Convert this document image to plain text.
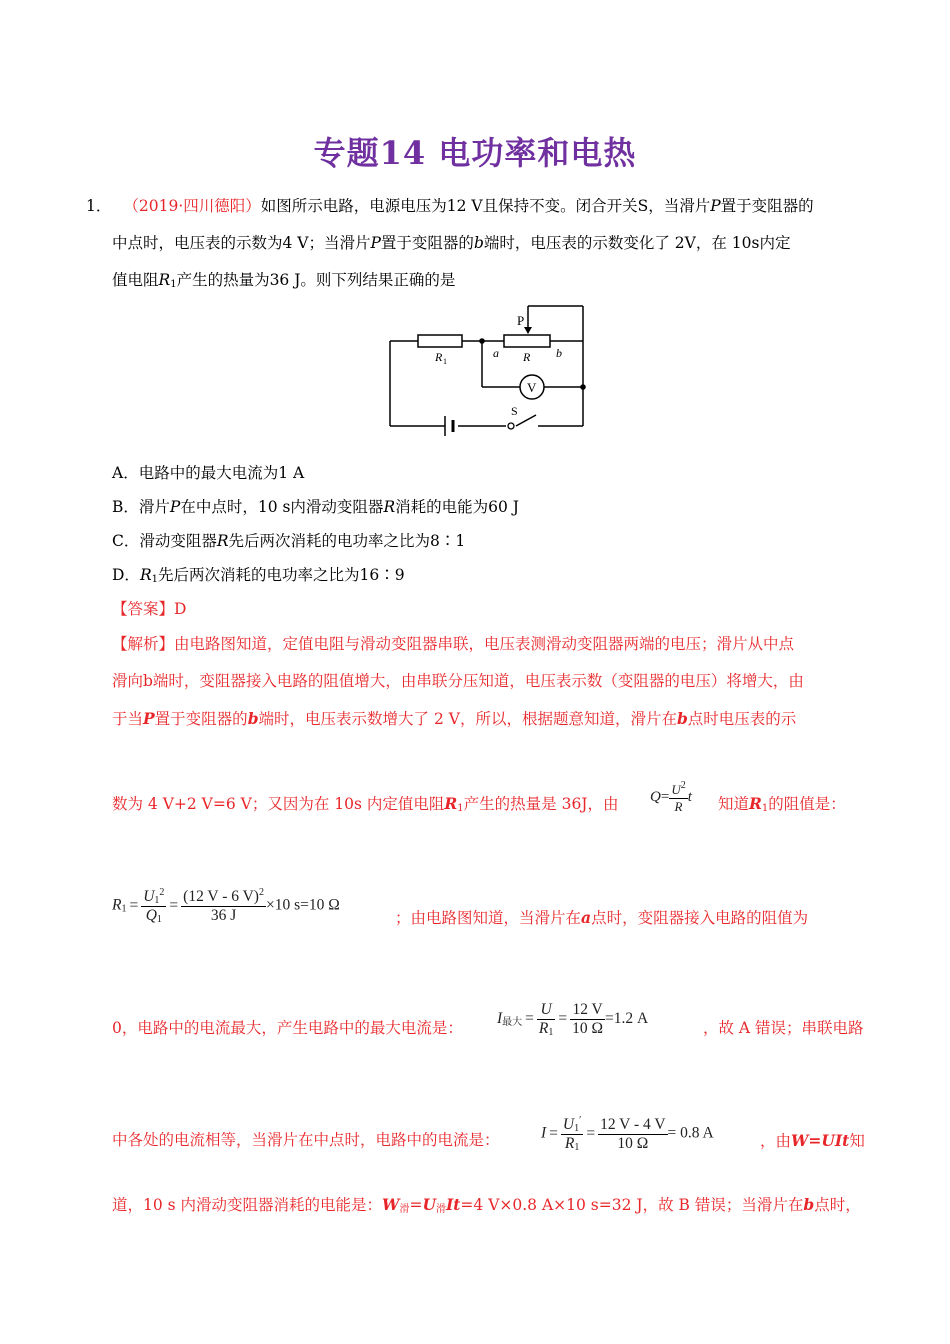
专题14 电功率和电热
1． （2019·四川德阳）如图所示电路，电源电压为12 V且保持不变。闭合开关S，当滑片P置于变阻器的
中点时，电压表的示数为4 V；当滑片P置于变阻器的b端时，电压表的示数变化了 2V，在 10s内定
值电阻$R_1$产生的热量为36 J。则下列结果正确的是
P
R 1
a R b
V
S
A．电路中的最大电流为1 A
B．滑片P在中点时，10 s内滑动变阻器R消耗的电能为60 J
C．滑动变阻器R先后两次消耗的电功率之比为8∶1
D．$R_1$先后两次消耗的电功率之比为16∶9
【答案】D
【解析】由电路图知道，定值电阻与滑动变阻器串联，电压表测滑动变阻器两端的电压；滑片从中点
滑向b端时，变阻器接入电路的阻值增大，由串联分压知道，电压表示数（变阻器的电压）将增大，由
于当P置于变阻器的b端时，电压表示数增大了 2 V，所以，根据题意知道，滑片在b点时电压表的示
数为 4 V+2 V=6 V；又因为在 10s 内定值电阻$R_1$产生的热量是 36J，由 $Q= \frac{U^2}{R}$ t 知道$R_1$的阻值是：
$R_1 = \frac{U_1^2}{Q_1} = \frac{(12 V - 6 V)^2}{36 J} \times 10$ s=10 Ω
；由电路图知道，当滑片在a点时，变阻器接入电路的阻值为
0，电路中的电流最大，产生电路中的最大电流是：
$I_{最大} = \frac{U}{R_1} = \frac{12 V}{10 \Omega} =1.2$ A
，故 A 错误；串联电路
中各处的电流相等，当滑片在中点时，电路中的电流是：	$I = \frac{U_1'}{R_1} = \frac{12 V - 4 V}{10 \Omega} = 0.8$ A	，由W=UIt知
道，10 s 内滑动变阻器消耗的电能是：$W_滑=U_滑It=4$ V×0.8 A×10 s=32 J，故 B 错误；当滑片在b点时，
